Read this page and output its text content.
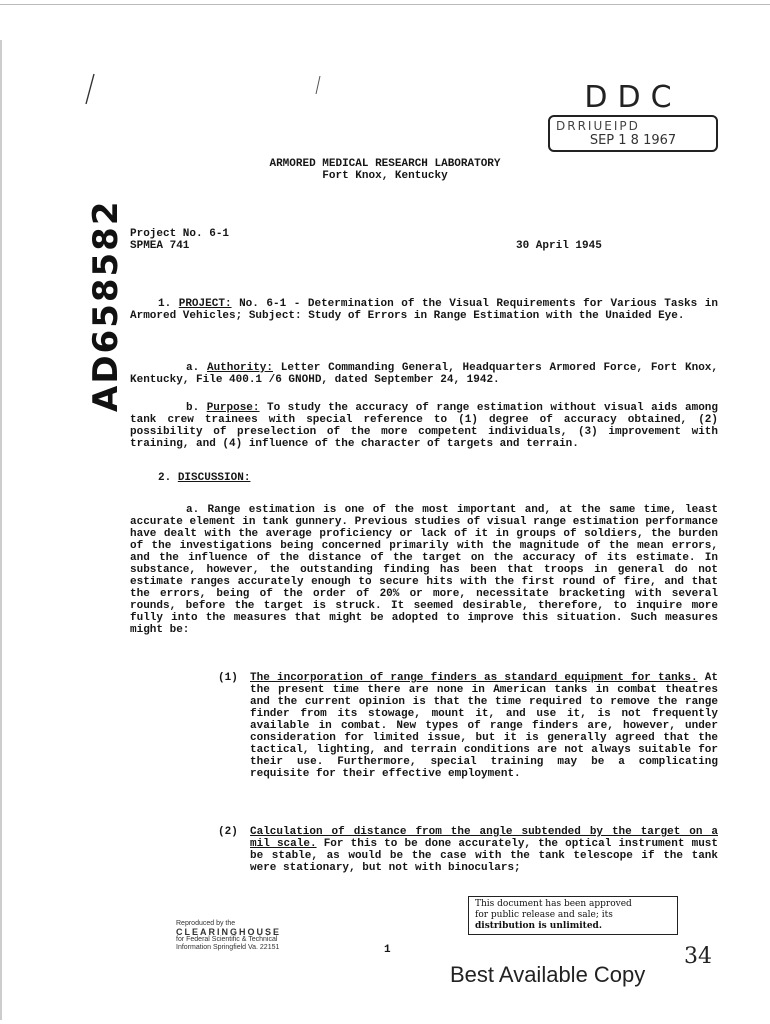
DDC
DRRIUEIPD
SEP 1 8 1967
ARMORED MEDICAL RESEARCH LABORATORY
Fort Knox, Kentucky
AD658582 Project No. 6-1
SPMEA 741	30 April 1945
1. PROJECT: No. 6-1 - Determination of the Visual Requirements for Various Tasks in Armored Vehicles; Subject: Study of Errors in Range Estimation with the Unaided Eye.
a. Authority: Letter Commanding General, Headquarters Armored Force, Fort Knox, Kentucky, File 400.1 /6 GNOHD, dated September 24, 1942.
b. Purpose: To study the accuracy of range estimation without visual aids among tank crew trainees with special reference to (1) degree of accuracy obtained, (2) possibility of preselection of the more competent individuals, (3) improvement with training, and (4) influence of the character of targets and terrain.
2. DISCUSSION:
a. Range estimation is one of the most important and, at the same time, least accurate element in tank gunnery. Previous studies of visual range estimation performance have dealt with the average proficiency or lack of it in groups of soldiers, the burden of the investigations being concerned primarily with the magnitude of the mean errors, and the influence of the distance of the target on the accuracy of its estimate. In substance, however, the outstanding finding has been that troops in general do not estimate ranges accurately enough to secure hits with the first round of fire, and that the errors, being of the order of 20% or more, necessitate bracketing with several rounds, before the target is struck. It seemed desirable, therefore, to inquire more fully into the measures that might be adopted to improve this situation. Such measures might be:
(1) The incorporation of range finders as standard equipment for tanks. At the present time there are none in American tanks in combat theatres and the current opinion is that the time required to remove the range finder from its stowage, mount it, and use it, is not frequently available in combat. New types of range finders are, however, under consideration for limited issue, but it is generally agreed that the tactical, lighting, and terrain conditions are not always suitable for their use. Furthermore, special training may be a complicating requisite for their effective employment.
(2) Calculation of distance from the angle subtended by the target on a mil scale. For this to be done accurately, the optical instrument must be stable, as would be the case with the tank telescope if the tank were stationary, but not with binoculars;
Reproduced by the
CLEARINGHOUSE
for Federal Scientific & Technical
Information Springfield Va. 22151	1
This document has been approved
for public release and sale; its
distribution is unlimited.
34
Best Available Copy
